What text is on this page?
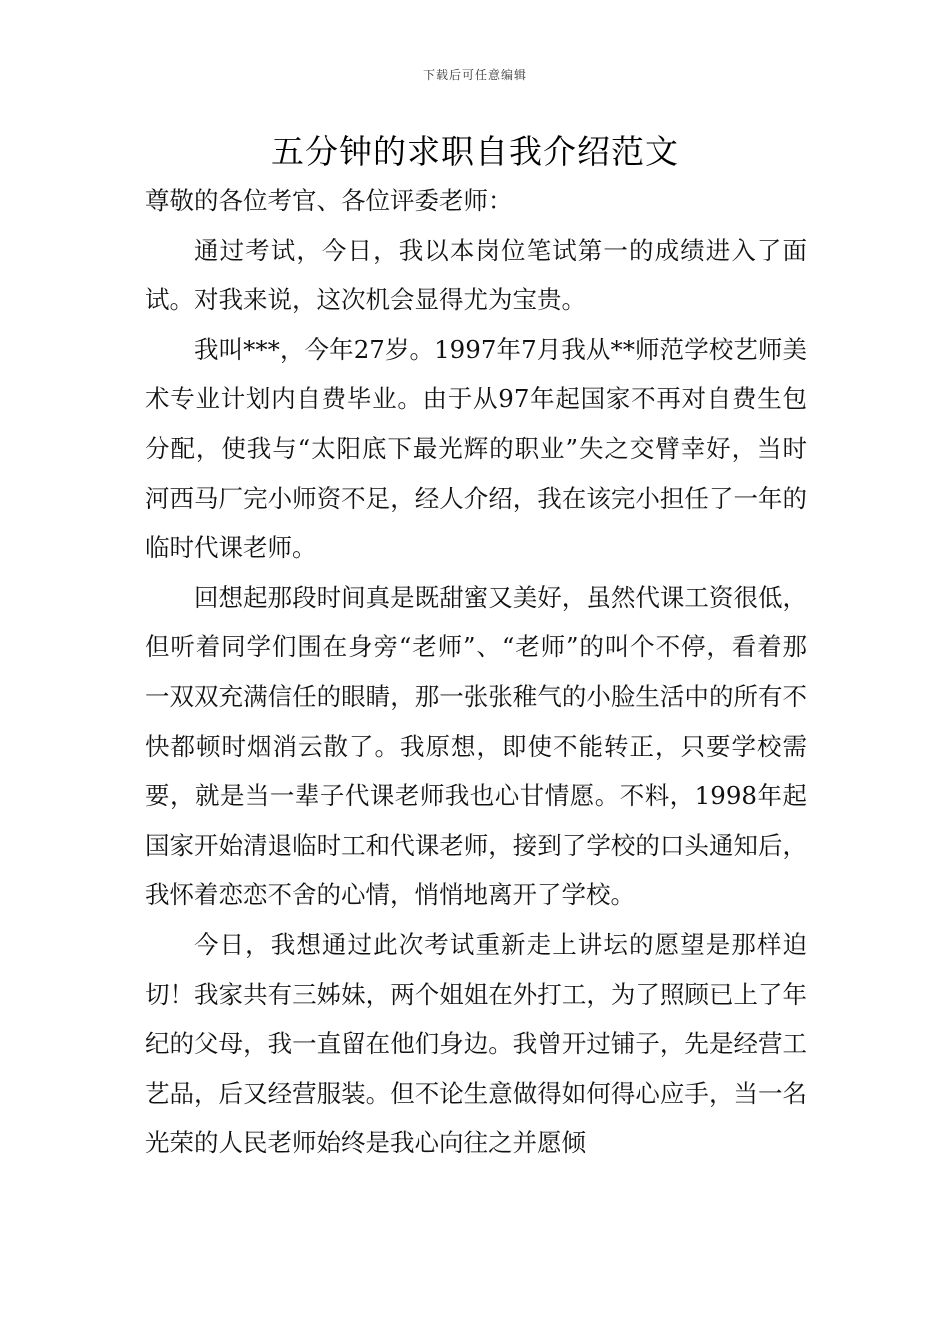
下载后可任意编辑
五分钟的求职自我介绍范文

尊敬的各位考官、各位评委老师：

通过考试，今日，我以本岗位笔试第一的成绩进入了面试。对我来说，这次机会显得尤为宝贵。

我叫***，今年27岁。1997年7月我从**师范学校艺师美术专业计划内自费毕业。由于从97年起国家不再对自费生包分配，使我与“太阳底下最光辉的职业”失之交臂幸好，当时河西马厂完小师资不足，经人介绍，我在该完小担任了一年的临时代课老师。

回想起那段时间真是既甜蜜又美好，虽然代课工资很低，但听着同学们围在身旁“老师”、“老师”的叫个不停，看着那一双双充满信任的眼睛，那一张张稚气的小脸生活中的所有不快都顿时烟消云散了。我原想，即使不能转正，只要学校需要，就是当一辈子代课老师我也心甘情愿。不料，1998年起国家开始清退临时工和代课老师，接到了学校的口头通知后，我怀着恋恋不舍的心情，悄悄地离开了学校。

今日，我想通过此次考试重新走上讲坛的愿望是那样迫切！我家共有三姊妹，两个姐姐在外打工，为了照顾已上了年纪的父母，我一直留在他们身边。我曾开过铺子，先是经营工艺品，后又经营服装。但不论生意做得如何得心应手，当一名光荣的人民老师始终是我心向往之并愿倾
